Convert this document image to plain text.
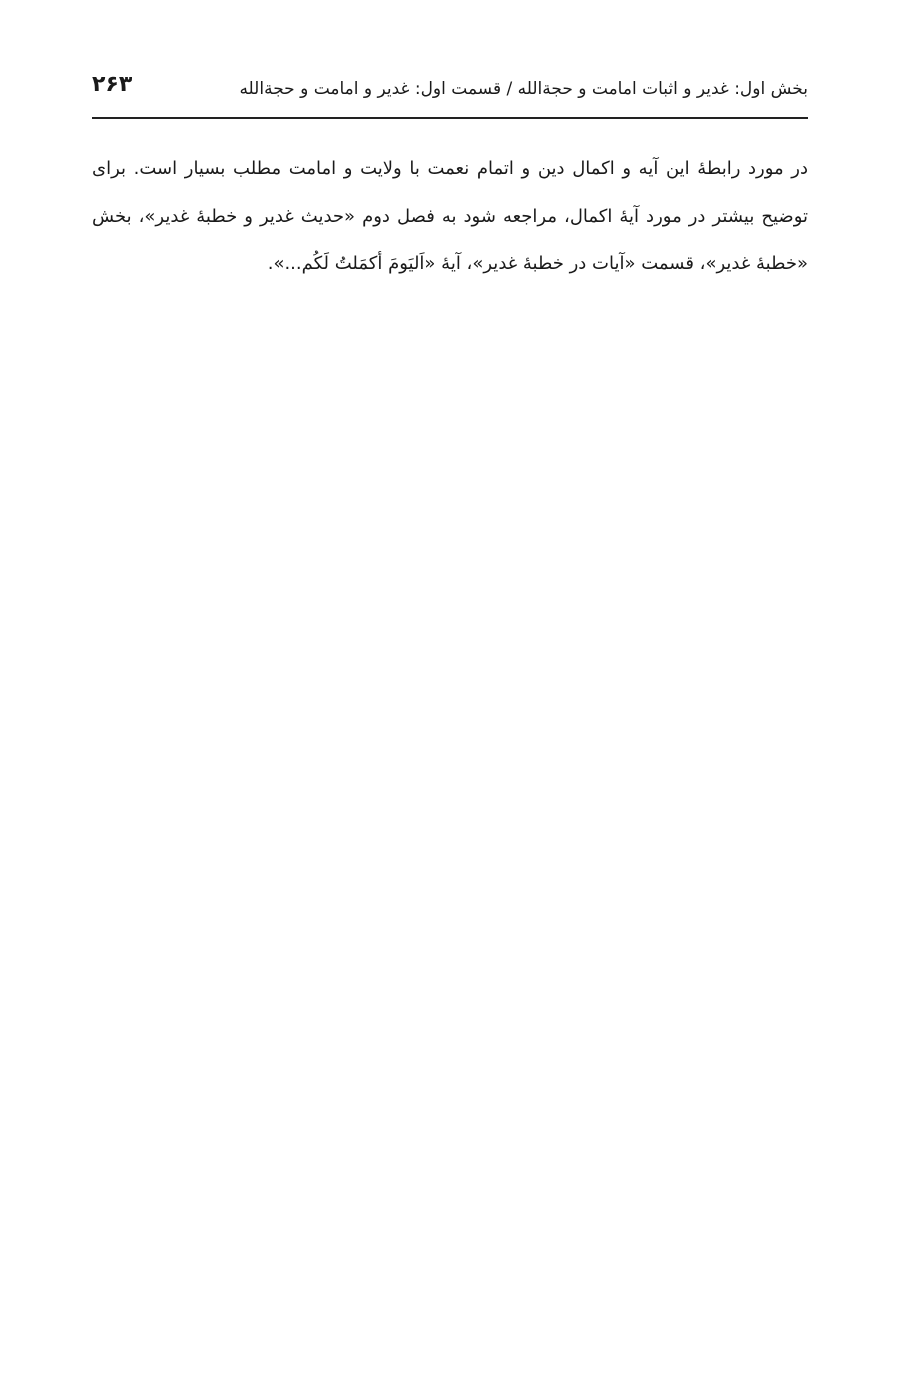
بخش اول: غدیر و اثبات امامت و حجةالله / قسمت اول: غدیر و امامت و حجةالله
۲۶۳

در مورد رابطۀ این آیه و اکمال دین و اتمام نعمت با ولایت و امامت مطلب بسیار است. برای توضیح بیشتر در مورد آیۀ اکمال، مراجعه شود به فصل دوم «حدیث غدیر و خطبۀ غدیر»، بخش «خطبۀ غدیر»، قسمت «آیات در خطبۀ غدیر»، آیۀ «اَلیَومَ أکمَلتُ لَکُم...».
